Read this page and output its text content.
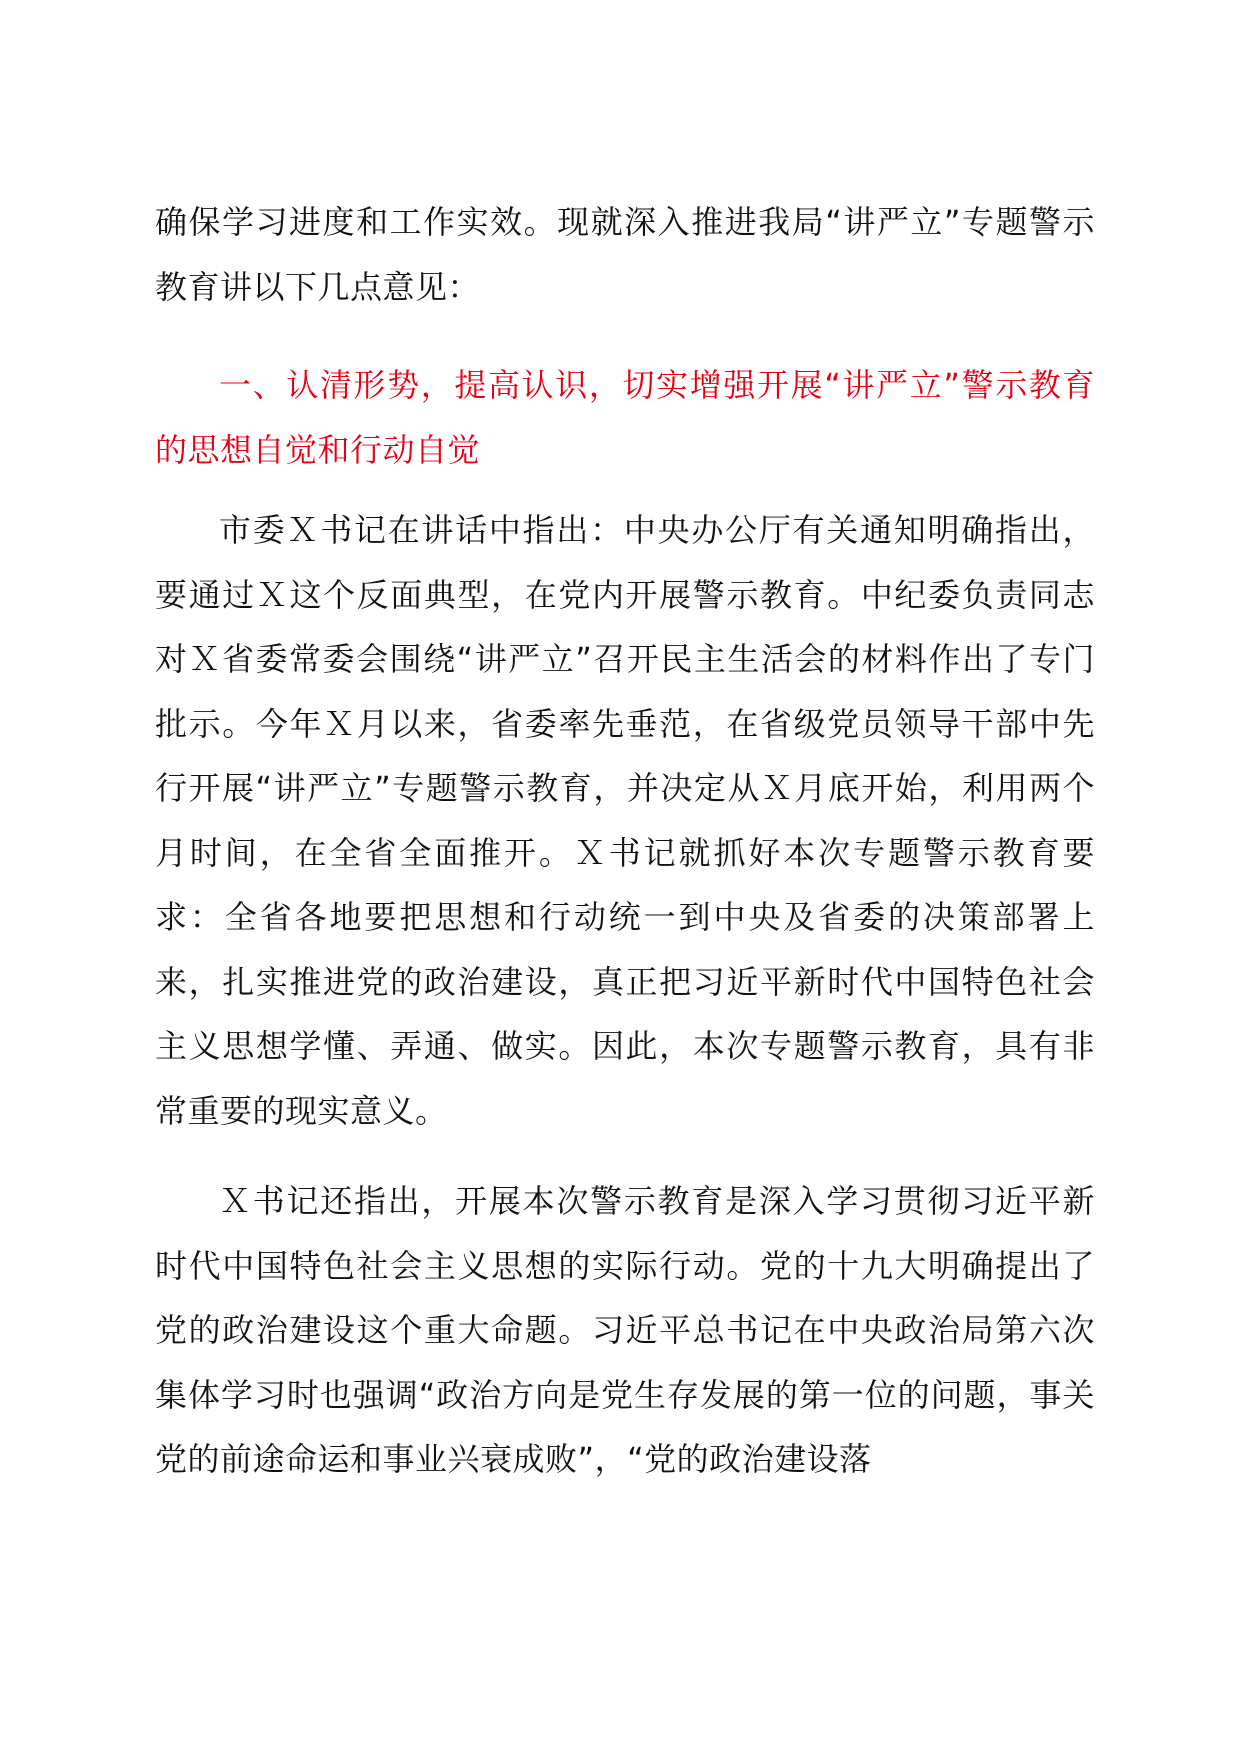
确保学习进度和工作实效。现就深入推进我局“讲严立”专题警示教育讲以下几点意见：

一、认清形势，提高认识，切实增强开展“讲严立”警示教育的思想自觉和行动自觉

市委Ｘ书记在讲话中指出：中央办公厅有关通知明确指出，要通过Ｘ这个反面典型，在党内开展警示教育。中纪委负责同志对Ｘ省委常委会围绕“讲严立”召开民主生活会的材料作出了专门批示。今年Ｘ月以来，省委率先垂范，在省级党员领导干部中先行开展“讲严立”专题警示教育，并决定从Ｘ月底开始，利用两个月时间，在全省全面推开。Ｘ书记就抓好本次专题警示教育要求：全省各地要把思想和行动统一到中央及省委的决策部署上来，扎实推进党的政治建设，真正把习近平新时代中国特色社会主义思想学懂、弄通、做实。因此，本次专题警示教育，具有非常重要的现实意义。

Ｘ书记还指出，开展本次警示教育是深入学习贯彻习近平新时代中国特色社会主义思想的实际行动。党的十九大明确提出了党的政治建设这个重大命题。习近平总书记在中央政治局第六次集体学习时也强调“政治方向是党生存发展的第一位的问题，事关党的前途命运和事业兴衰成败”，“党的政治建设落
